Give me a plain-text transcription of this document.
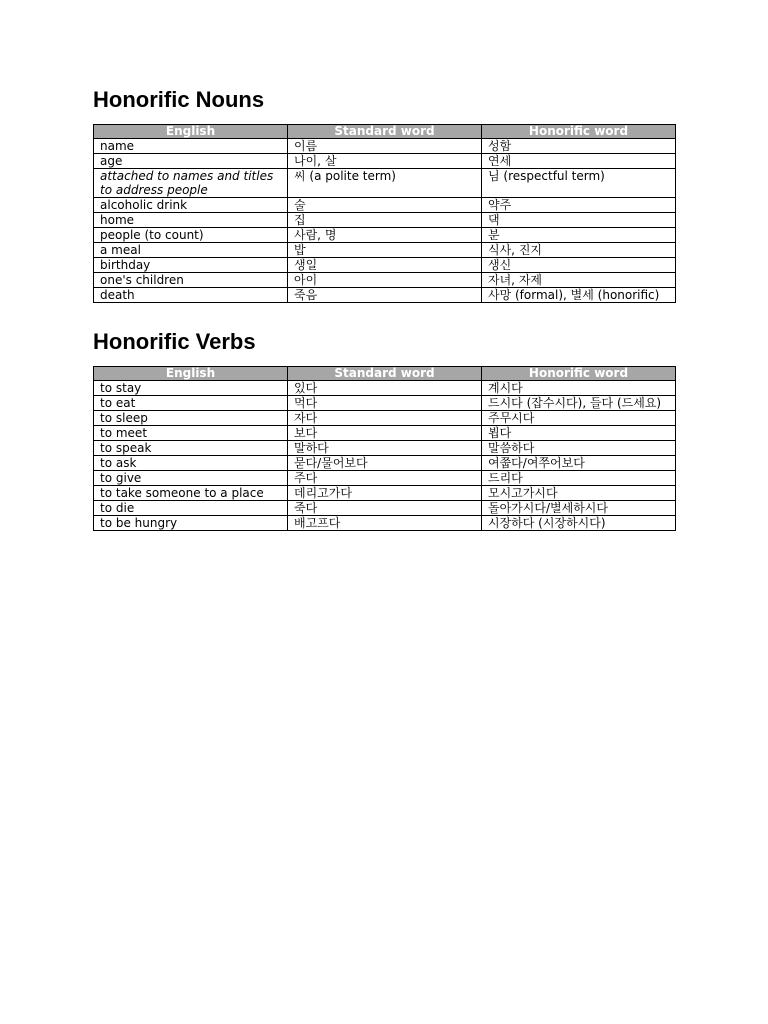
Honorific Nouns
English	Standard word	Honorific word
name	이름	성함
age	나이, 살	연세
attached to names and titles to address people	씨 (a polite term)	님 (respectful term)
alcoholic drink	술	약주
home	집	댁
people (to count)	사람, 명	분
a meal	밥	식사, 진지
birthday	생일	생신
one's children	아이	자녀, 자제
death	죽음	사망 (formal), 별세 (honorific)
Honorific Verbs
English	Standard word	Honorific word
to stay	있다	계시다
to eat	먹다	드시다 (잡수시다), 들다 (드세요)
to sleep	자다	주무시다
to meet	보다	뵙다
to speak	말하다	말씀하다
to ask	묻다/물어보다	여쭙다/여쭈어보다
to give	주다	드리다
to take someone to a place	데리고가다	모시고가시다
to die	죽다	돌아가시다/별세하시다
to be hungry	배고프다	시장하다 (시장하시다)
